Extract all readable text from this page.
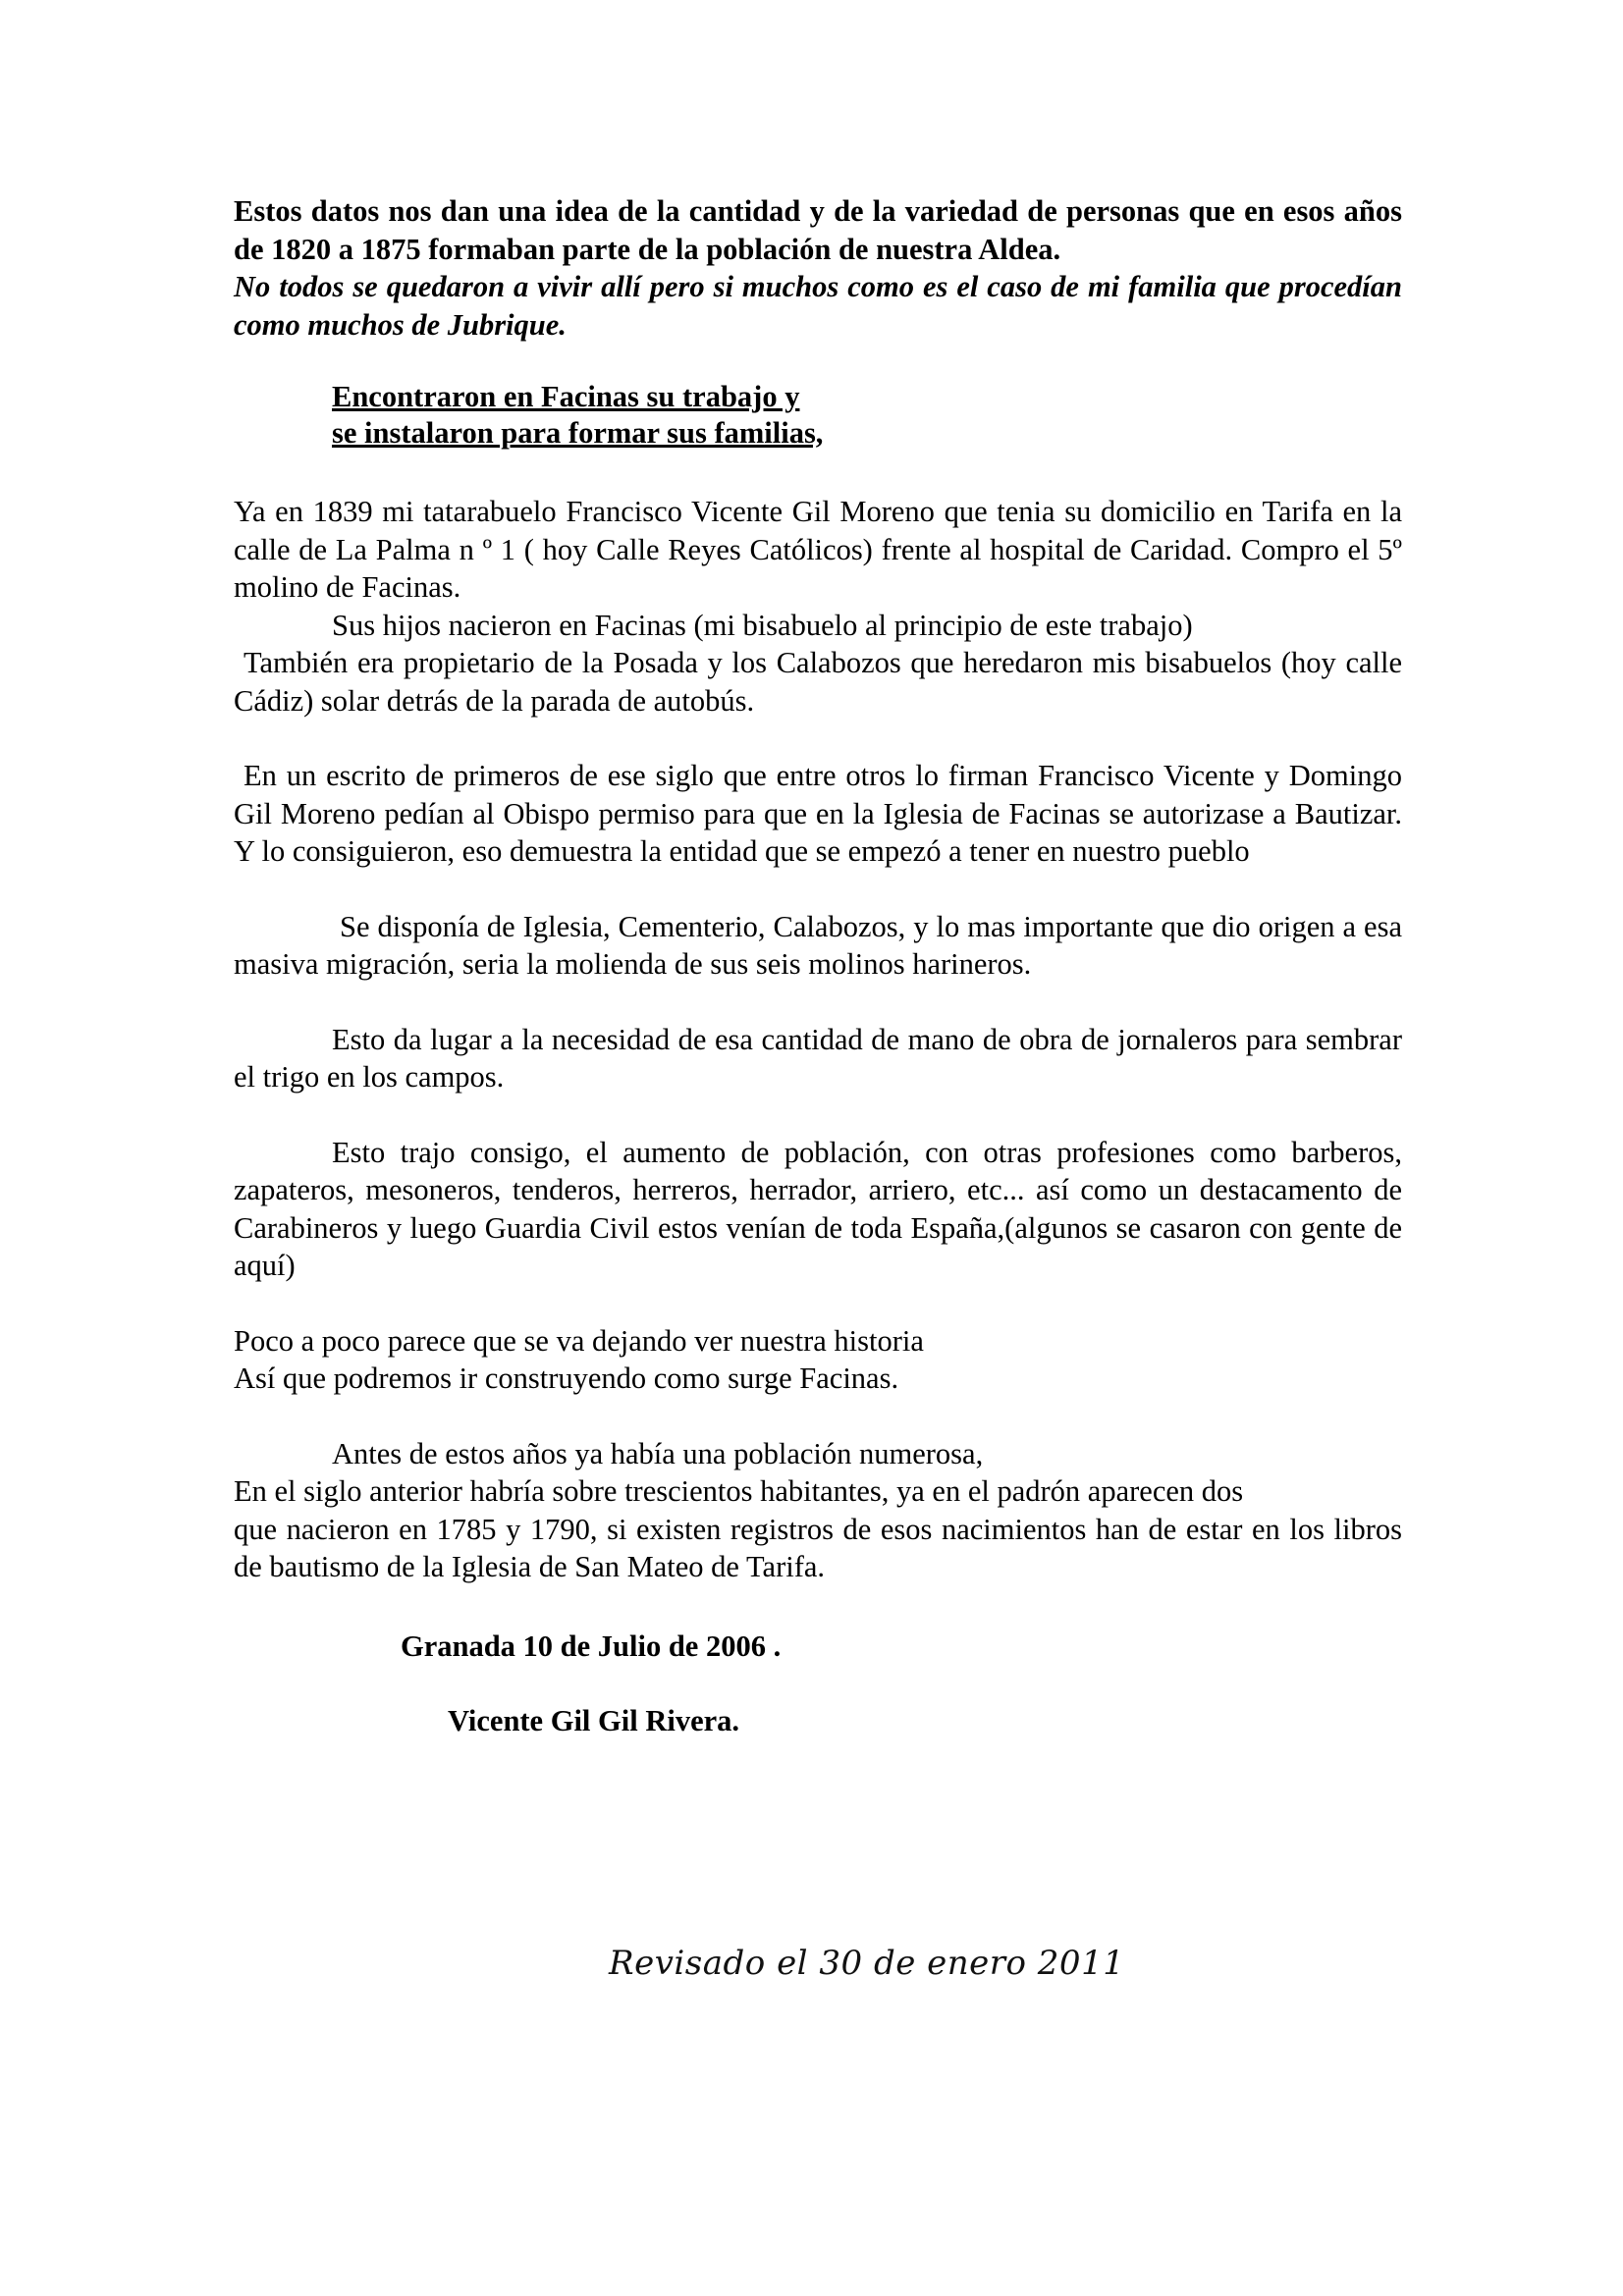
Estos datos nos dan una idea de la cantidad y de la variedad de personas que en esos años de 1820 a 1875 formaban parte de la población de nuestra Aldea.

No todos se quedaron a vivir allí pero si muchos como es el caso de mi familia que procedían como muchos de Jubrique.

Encontraron en Facinas su trabajo y
se instalaron para formar sus familias,

Ya en 1839 mi tatarabuelo Francisco Vicente Gil Moreno que tenia su domicilio en Tarifa en la calle de La Palma n º 1 ( hoy Calle Reyes Católicos) frente al hospital de Caridad. Compro el 5º molino de Facinas.

Sus hijos nacieron en Facinas (mi bisabuelo al principio de este trabajo)

También era propietario de la Posada y los Calabozos que heredaron mis bisabuelos (hoy calle Cádiz) solar detrás de la parada de autobús.

En un escrito de primeros de ese siglo que entre otros lo firman Francisco Vicente y Domingo Gil Moreno pedían al Obispo permiso para que en la Iglesia de Facinas se autorizase a Bautizar. Y lo consiguieron, eso demuestra la entidad que se empezó a tener en nuestro pueblo

Se disponía de Iglesia, Cementerio, Calabozos, y lo mas importante que dio origen a esa masiva migración, seria la molienda de sus seis molinos harineros.

Esto da lugar a la necesidad de esa cantidad de mano de obra de jornaleros para sembrar el trigo en los campos.

Esto trajo consigo, el aumento de población, con otras profesiones como barberos, zapateros, mesoneros, tenderos, herreros, herrador, arriero, etc... así como un destacamento de Carabineros y luego Guardia Civil estos venían de toda España,(algunos se casaron con gente de aquí)

Poco a poco parece que se va dejando ver nuestra historia
Así que podremos ir construyendo como surge Facinas.

Antes de estos años ya había una población numerosa,
En el siglo anterior habría sobre trescientos habitantes, ya en el padrón aparecen dos
que nacieron en 1785 y 1790, si existen registros de esos nacimientos han de estar en los libros de bautismo de la Iglesia de San Mateo de Tarifa.

Granada 10 de Julio de 2006 .
Vicente Gil Gil Rivera.
Revisado el 30 de enero 2011
